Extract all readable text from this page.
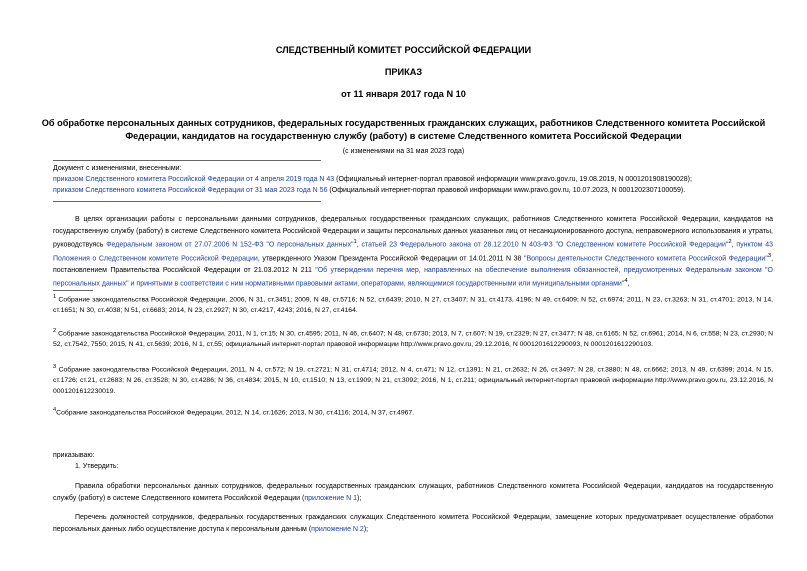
СЛЕДСТВЕННЫЙ КОМИТЕТ РОССИЙСКОЙ ФЕДЕРАЦИИ
ПРИКАЗ
от 11 января 2017 года N 10
Об обработке персональных данных сотрудников, федеральных государственных гражданских служащих, работников Следственного комитета Российской Федерации, кандидатов на государственную службу (работу) в системе Следственного комитета Российской Федерации
(с изменениями на 31 мая 2023 года)

Документ с изменениями, внесенными:

приказом Следственного комитета Российской Федерации от 4 апреля 2019 года N 43 (Официальный интернет-портал правовой информации www.pravo.gov.ru, 19.08.2019, N 0001201908190028);

приказом Следственного комитета Российской Федерации от 31 мая 2023 года N 56 (Официальный интернет-портал правовой информации www.pravo.gov.ru, 10.07.2023, N 0001202307100059).

В целях организации работы с персональными данными сотрудников, федеральных государственных гражданских служащих, работников Следственного комитета Российской Федерации, кандидатов на государственную службу (работу) в системе Следственного комитета Российской Федерации и защиты персональных данных указанных лиц от несанкционированного доступа, неправомерного использования и утраты, руководствуясь Федеральным законом от 27.07.2006 N 152-ФЗ "О персональных данных"$^1$, статьей 23 Федерального закона от 28.12.2010 N 403-ФЗ "О Следственном комитете Российской Федерации"$^2$, пунктом 43 Положения о Следственном комитете Российской Федерации, утвержденного Указом Президента Российской Федерации от 14.01.2011 N 38 "Вопросы деятельности Следственного комитета Российской Федерации"$^3$, постановлением Правительства Российской Федерации от 21.03.2012 N 211 "Об утверждении перечня мер, направленных на обеспечение выполнения обязанностей, предусмотренных Федеральным законом "О персональных данных" и принятыми в соответствии с ним нормативными правовыми актами, операторами, являющимися государственными или муниципальными органами"$^4$,
$^1$ Собрание законодательства Российской Федерации, 2006, N 31, ст.3451; 2009, N 48, ст.5716; N 52, ст.6439; 2010, N 27, ст.3407; N 31, ст.4173, 4196; N 49, ст.6409; N 52, ст.6974; 2011, N 23, ст.3263; N 31, ст.4701; 2013, N 14, ст.1651; N 30, ст.4038; N 51, ст.6683; 2014, N 23, ст.2927; N 30, ст.4217, 4243; 2016, N 27, ст.4164.
$^2$ Собрание законодательства Российской Федерации, 2011, N 1, ст.15; N 30, ст.4595; 2011, N 46, ст.6407; N 48, ст.6730; 2013, N 7, ст.607; N 19, ст.2329; N 27, ст.3477; N 48, ст.6165; N 52, ст.6961; 2014, N 6, ст.558; N 23, ст.2930; N 52, ст.7542, 7550; 2015, N 41, ст.5639; 2016, N 1, ст.55; официальный интернет-портал правовой информации http://www.pravo.gov.ru, 29.12.2016, N 0001201612290093, N 0001201612290103.
$^3$ Собрание законодательства Российской Федерации, 2011, N 4, ст.572; N 19, ст.2721; N 31, ст.4714; 2012, N 4, ст.471; N 12, ст.1391; N 21, ст.2632; N 26, ст.3497; N 28, ст.3880; N 48, ст.6662; 2013, N 49, ст.6399; 2014, N 15, ст.1726; ст.21, ст.2683; N 26, ст.3528; N 30, ст.4286; N 36, ст.4834; 2015, N 10, ст.1510; N 13, ст.1909; N 21, ст.3092; 2016, N 1, ст.211; официальный интернет-портал правовой информации http://www.pravo.gov.ru, 23.12.2016, N 0001201612230019.
$^4$Собрание законодательства Российской Федерации, 2012, N 14, ст.1626; 2013, N 30, ст.4116; 2014, N 37, ст.4967.
приказываю:
1. Утвердить:
Правила обработки персональных данных сотрудников, федеральных государственных гражданских служащих, работников Следственного комитета Российской Федерации, кандидатов на государственную службу (работу) в системе Следственного комитета Российской Федерации (приложение N 1);
Перечень должностей сотрудников, федеральных государственных гражданских служащих Следственного комитета Российской Федерации, замещение которых предусматривает осуществление обработки персональных данных либо осуществление доступа к персональным данным (приложение N 2);
